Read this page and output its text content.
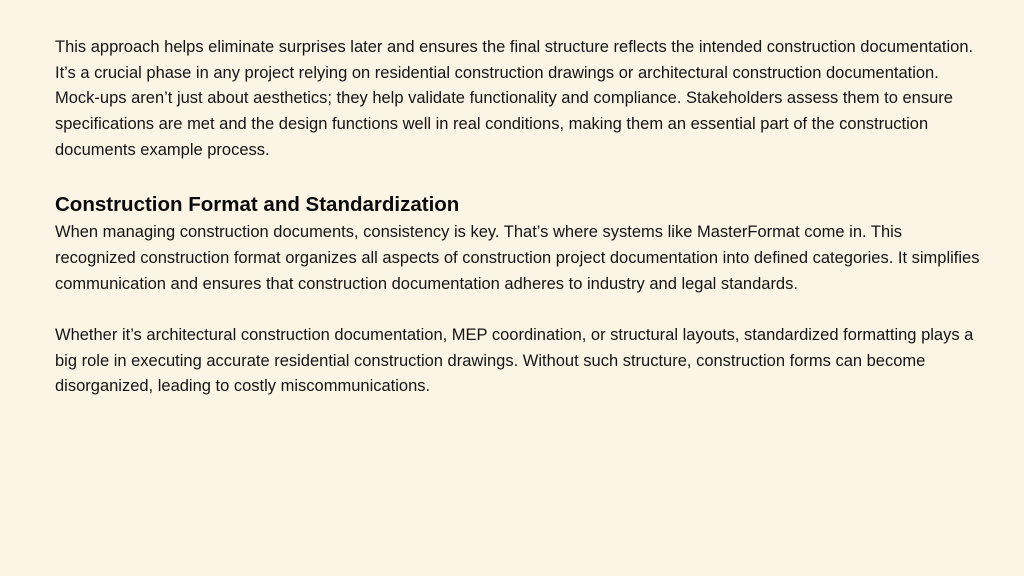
This approach helps eliminate surprises later and ensures the final structure reflects the intended construction documentation. It’s a crucial phase in any project relying on residential construction drawings or architectural construction documentation.

Mock-ups aren’t just about aesthetics; they help validate functionality and compliance. Stakeholders assess them to ensure specifications are met and the design functions well in real conditions, making them an essential part of the construction documents example process.

Construction Format and Standardization

When managing construction documents, consistency is key. That’s where systems like MasterFormat come in. This recognized construction format organizes all aspects of construction project documentation into defined categories. It simplifies communication and ensures that construction documentation adheres to industry and legal standards.

Whether it’s architectural construction documentation, MEP coordination, or structural layouts, standardized formatting plays a big role in executing accurate residential construction drawings. Without such structure, construction forms can become disorganized, leading to costly miscommunications.
